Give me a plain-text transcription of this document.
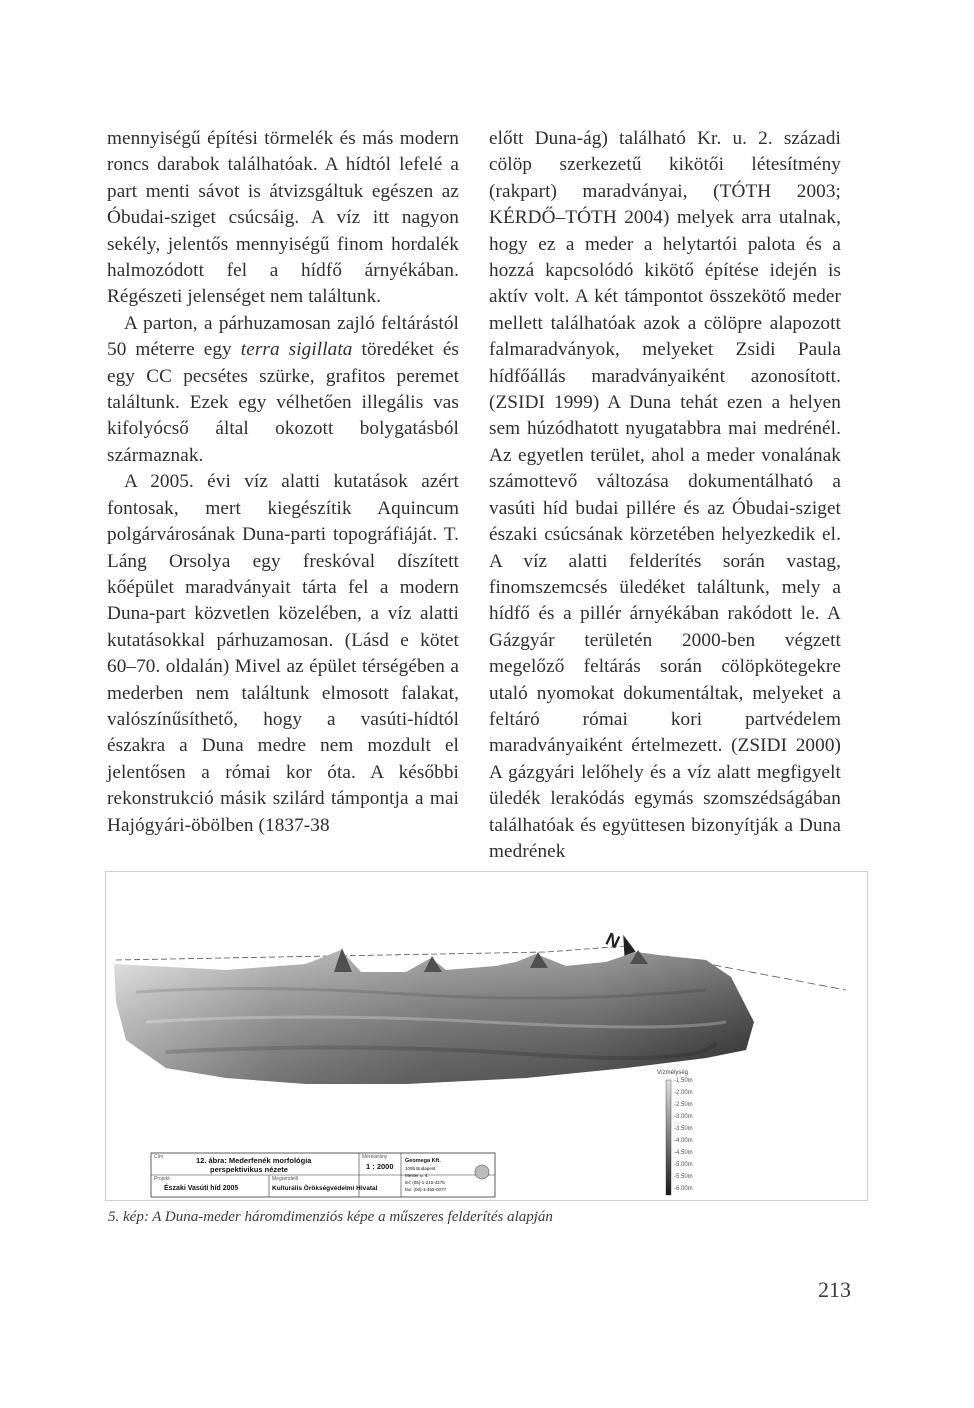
mennyiségű építési törmelék és más modern roncs darabok találhatóak. A hídtól lefelé a part menti sávot is átvizsgáltuk egészen az Óbudai-sziget csúcsáig. A víz itt nagyon sekély, jelentős mennyiségű finom hordalék halmozódott fel a hídfő árnyékában. Régészeti jelenséget nem találtunk.

A parton, a párhuzamosan zajló feltárástól 50 méterre egy terra sigillata töredéket és egy CC pecsétes szürke, grafitos peremet találtunk. Ezek egy vélhetően illegális vas kifolyócső által okozott bolygatásból származnak.

A 2005. évi víz alatti kutatások azért fontosak, mert kiegészítik Aquincum polgárvárosának Duna-parti topográfiáját. T. Láng Orsolya egy freskóval díszített kőépület maradványait tárta fel a modern Duna-part közvetlen közelében, a víz alatti kutatásokkal párhuzamosan. (Lásd e kötet 60–70. oldalán) Mivel az épület térségében a mederben nem találtunk elmosott falakat, valószínűsíthető, hogy a vasúti-hídtól északra a Duna medre nem mozdult el jelentősen a római kor óta. A későbbi rekonstrukció másik szilárd támpontja a mai Hajógyári-öbölben (1837-38

előtt Duna-ág) található Kr. u. 2. századi cölöp szerkezetű kikötői létesítmény (rakpart) maradványai, (TÓTH 2003; KÉRDŐ–TÓTH 2004) melyek arra utalnak, hogy ez a meder a helytartói palota és a hozzá kapcsolódó kikötő építése idején is aktív volt. A két támpontot összekötő meder mellett találhatóak azok a cölöpre alapozott falmaradványok, melyeket Zsidi Paula hídfőállás maradványaiként azonosított. (ZSIDI 1999) A Duna tehát ezen a helyen sem húzódhatott nyugatabbra mai medrénél. Az egyetlen terület, ahol a meder vonalának számottevő változása dokumentálható a vasúti híd budai pillére és az Óbudai-sziget északi csúcsának körzetében helyezkedik el. A víz alatti felderítés során vastag, finomszemcsés üledéket találtunk, mely a hídfő és a pillér árnyékában rakódott le. A Gázgyár területén 2000-ben végzett megelőző feltárás során cölöpkötegekre utaló nyomokat dokumentáltak, melyeket a feltáró római kori partvédelem maradványaiként értelmezett. (ZSIDI 2000) A gázgyári lelőhely és a víz alatt megfigyelt üledék lerakódás egymás szomszédságában találhatóak és együttesen bizonyítják a Duna medrének

N
Vízmélység
-1.50m
-2.00m
-2.50m
-3.00m
-3.50m
-4.00m
-4.50m
-5.00m
-5.50m
-6.00m
Cím	12. ábra: Mederfenék morfológia
perspektivikus nézete
Méretarány
1 : 2000
Projekt
Északi Vasúti híd 2005
Megrendelő
Kulturális Örökségvédelmi Hivatal
Geomega Kft.
1095 Budapest
Mester u. 4.
tel: (06)-1-215-4276
fax: (06)-1-455-0077
5. kép: A Duna-meder háromdimenziós képe a műszeres felderítés alapján
213
